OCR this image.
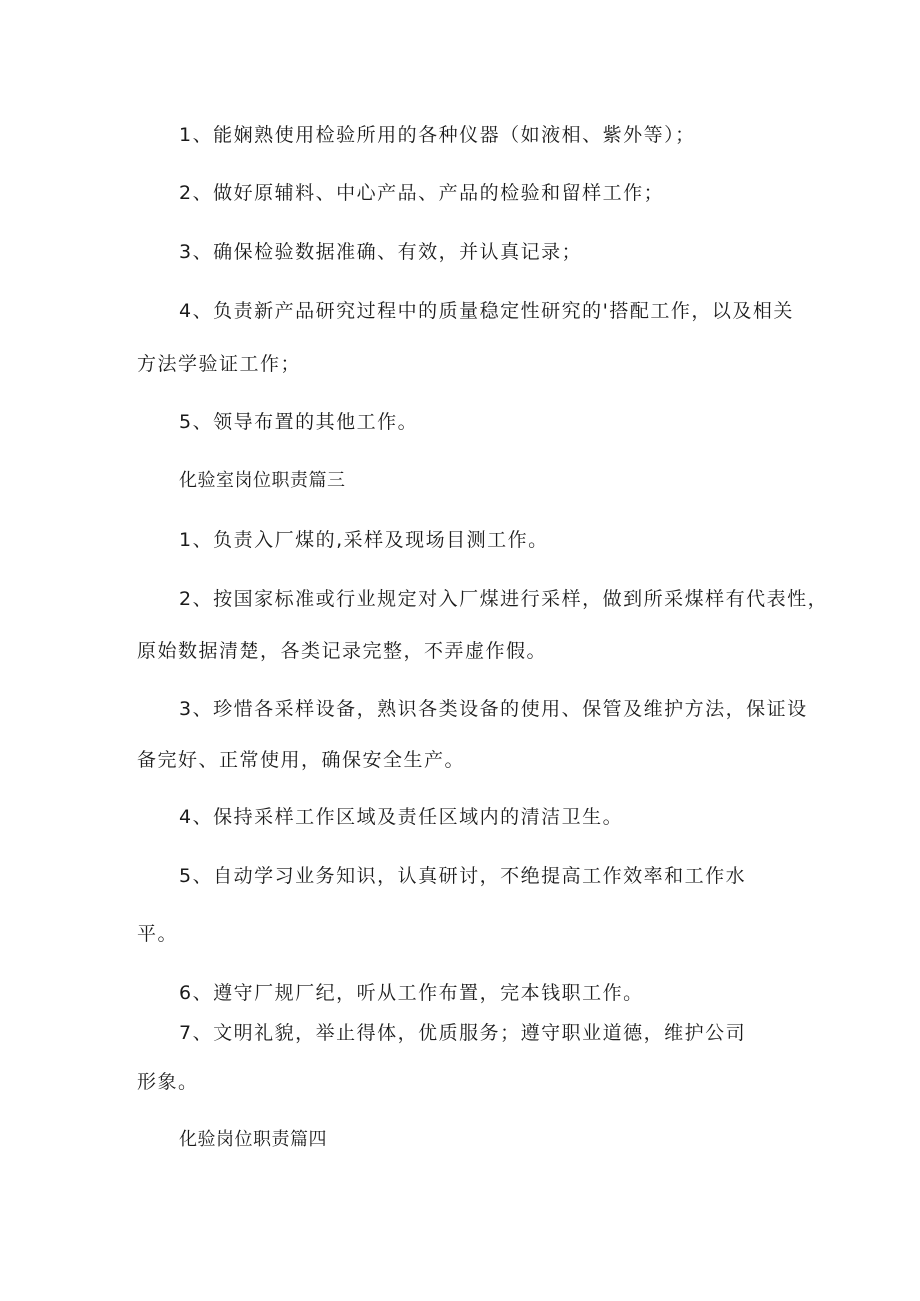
1、能娴熟使用检验所用的各种仪器（如液相、紫外等）；
2、做好原辅料、中心产品、产品的检验和留样工作；
3、确保检验数据准确、有效，并认真记录；
4、负责新产品研究过程中的质量稳定性研究的'搭配工作，以及相关
方法学验证工作；
5、领导布置的其他工作。
化验室岗位职责篇三
1、负责入厂煤的,采样及现场目测工作。
2、按国家标准或行业规定对入厂煤进行采样，做到所采煤样有代表性，
原始数据清楚，各类记录完整，不弄虚作假。
3、珍惜各采样设备，熟识各类设备的使用、保管及维护方法，保证设
备完好、正常使用，确保安全生产。
4、保持采样工作区域及责任区域内的清洁卫生。
5、自动学习业务知识，认真研讨，不绝提高工作效率和工作水
平。
6、遵守厂规厂纪，听从工作布置，完本钱职工作。
7、文明礼貌，举止得体，优质服务；遵守职业道德，维护公司
形象。
化验岗位职责篇四
